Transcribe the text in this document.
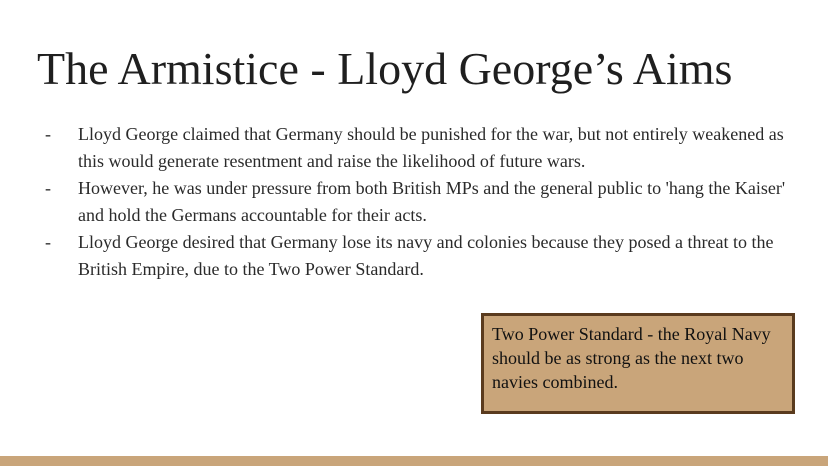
The Armistice - Lloyd George’s Aims
- Lloyd George claimed that Germany should be punished for the war, but not entirely weakened as this would generate resentment and raise the likelihood of future wars.
- However, he was under pressure from both British MPs and the general public to 'hang the Kaiser' and hold the Germans accountable for their acts.
- Lloyd George desired that Germany lose its navy and colonies because they posed a threat to the British Empire, due to the Two Power Standard.
Two Power Standard - the Royal Navy should be as strong as the next two navies combined.
